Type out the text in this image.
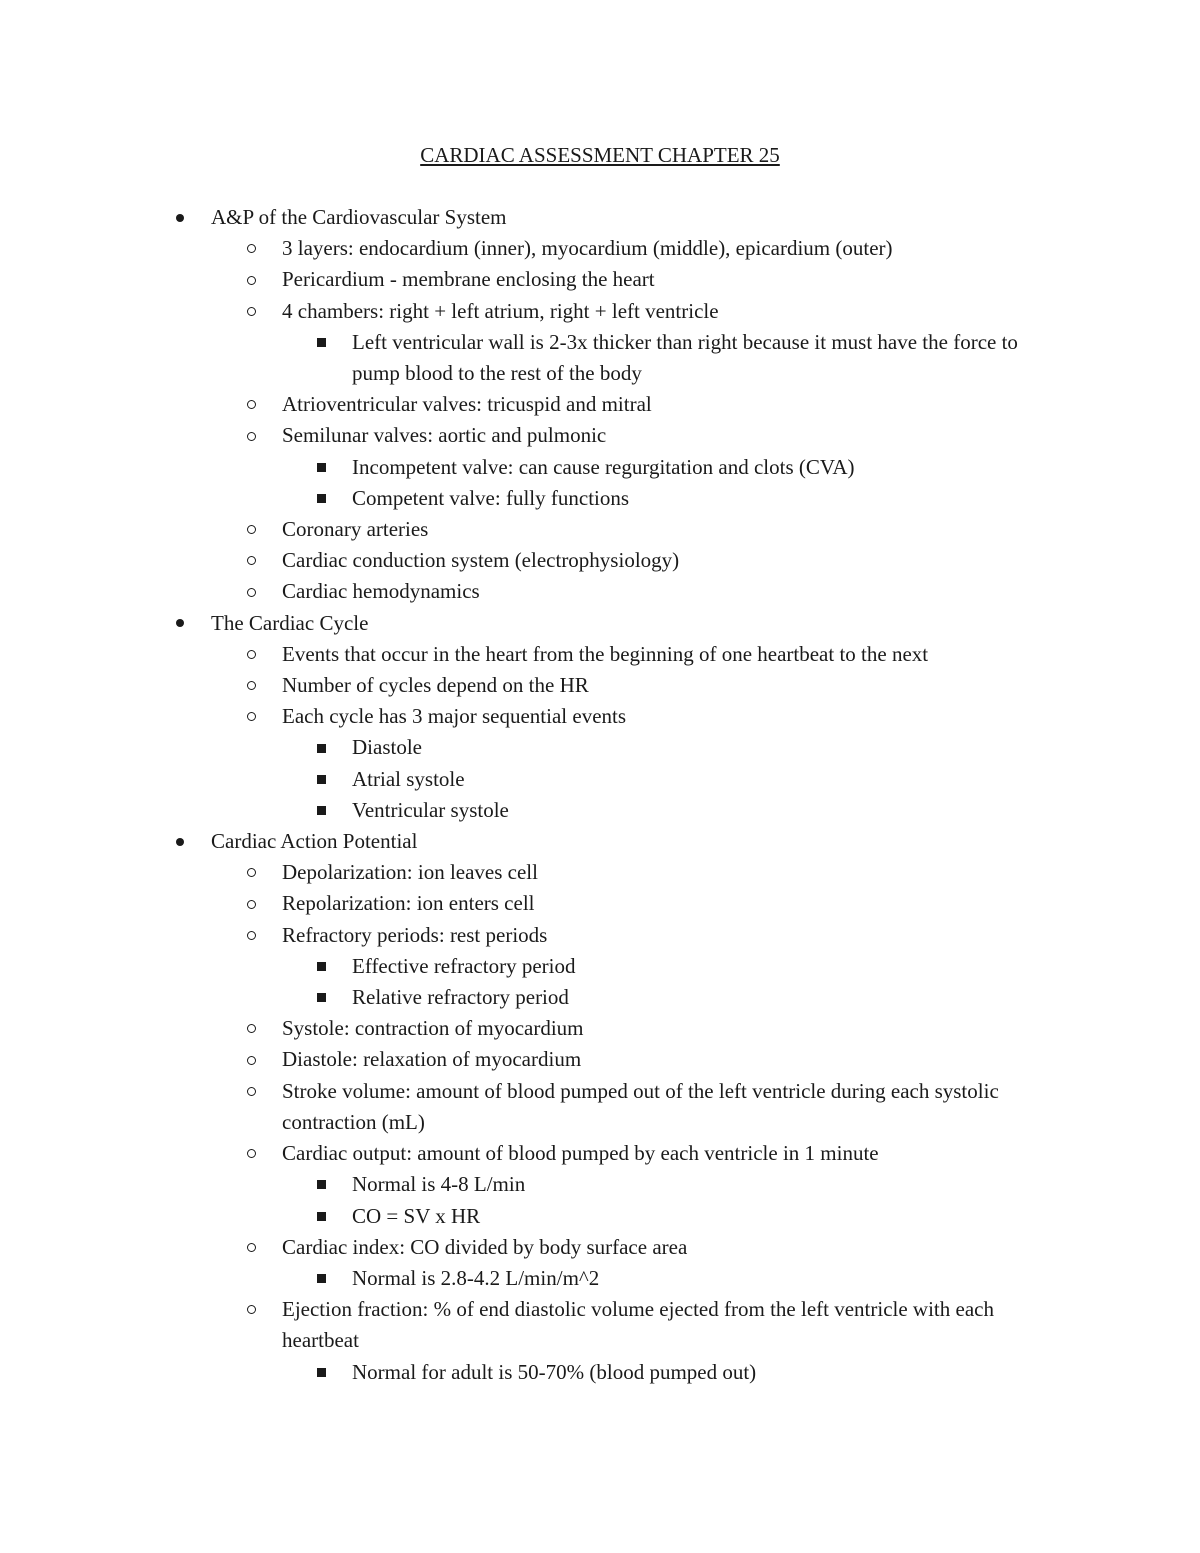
CARDIAC ASSESSMENT CHAPTER 25
A&P of the Cardiovascular System
3 layers: endocardium (inner), myocardium (middle), epicardium (outer)
Pericardium - membrane enclosing the heart
4 chambers: right + left atrium, right + left ventricle
Left ventricular wall is 2-3x thicker than right because it must have the force to pump blood to the rest of the body
Atrioventricular valves: tricuspid and mitral
Semilunar valves: aortic and pulmonic
Incompetent valve: can cause regurgitation and clots (CVA)
Competent valve: fully functions
Coronary arteries
Cardiac conduction system (electrophysiology)
Cardiac hemodynamics
The Cardiac Cycle
Events that occur in the heart from the beginning of one heartbeat to the next
Number of cycles depend on the HR
Each cycle has 3 major sequential events
Diastole
Atrial systole
Ventricular systole
Cardiac Action Potential
Depolarization: ion leaves cell
Repolarization: ion enters cell
Refractory periods: rest periods
Effective refractory period
Relative refractory period
Systole: contraction of myocardium
Diastole: relaxation of myocardium
Stroke volume: amount of blood pumped out of the left ventricle during each systolic contraction (mL)
Cardiac output: amount of blood pumped by each ventricle in 1 minute
Normal is 4-8 L/min
CO = SV x HR
Cardiac index: CO divided by body surface area
Normal is 2.8-4.2 L/min/m^2
Ejection fraction: % of end diastolic volume ejected from the left ventricle with each heartbeat
Normal for adult is 50-70% (blood pumped out)
